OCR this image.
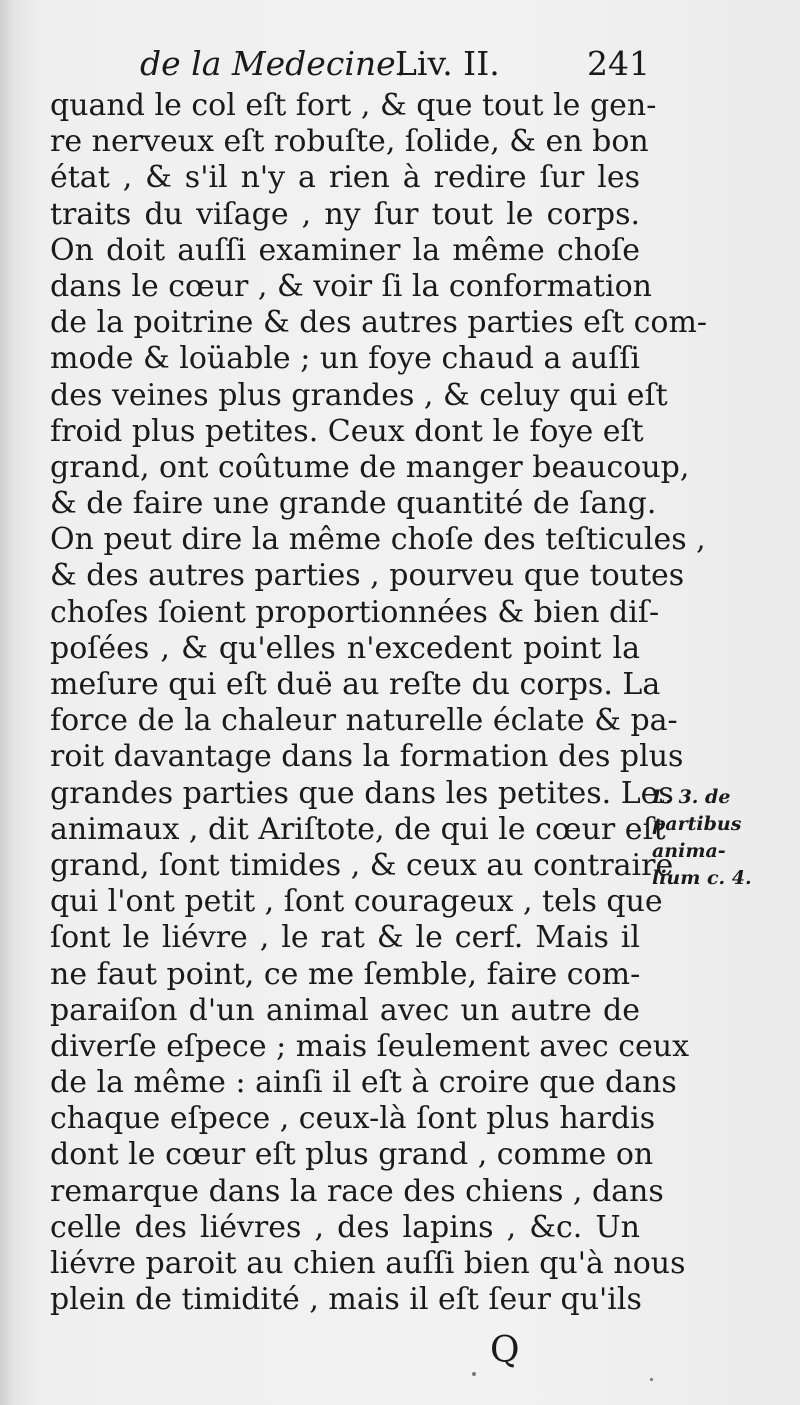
de la Medecine.
Liv. II.	241
quand le col eſt fort , & que tout le gen-
re nerveux eſt robuſte, ſolide, & en bon
état , & s'il n'y a rien à redire ſur les
traits du viſage , ny ſur tout le corps.
On doit auſſi examiner la même choſe
dans le cœur , & voir ſi la conformation
de la poitrine & des autres parties eſt com-
mode & loüable ; un foye chaud a auſſi
des veines plus grandes , & celuy qui eſt
froid plus petites. Ceux dont le foye eſt
grand, ont coûtume de manger beaucoup,
& de faire une grande quantité de ſang.
On peut dire la même choſe des teſticules ,
& des autres parties , pourveu que toutes
choſes ſoient proportionnées & bien diſ-
poſées , & qu'elles n'excedent point la
meſure qui eſt duë au reſte du corps. La
force de la chaleur naturelle éclate & pa-
roit davantage dans la formation des plus
grandes parties que dans les petites. Les
animaux , dit Ariſtote, de qui le cœur eſt
grand, ſont timides , & ceux au contraire
qui l'ont petit , ſont courageux , tels que
ſont le liévre , le rat & le cerf. Mais il
ne faut point, ce me ſemble, faire com-
paraiſon d'un animal avec un autre de
diverſe eſpece ; mais ſeulement avec ceux
de la même : ainſi il eſt à croire que dans
chaque eſpece , ceux-là ſont plus hardis
dont le cœur eſt plus grand , comme on
remarque dans la race des chiens , dans
celle des liévres , des lapins , &c. Un
liévre paroit au chien auſſi bien qu'à nous
plein de timidité , mais il eſt ſeur qu'ils
L. 3. de
partibus
anima-
lium c. 4.
Q
